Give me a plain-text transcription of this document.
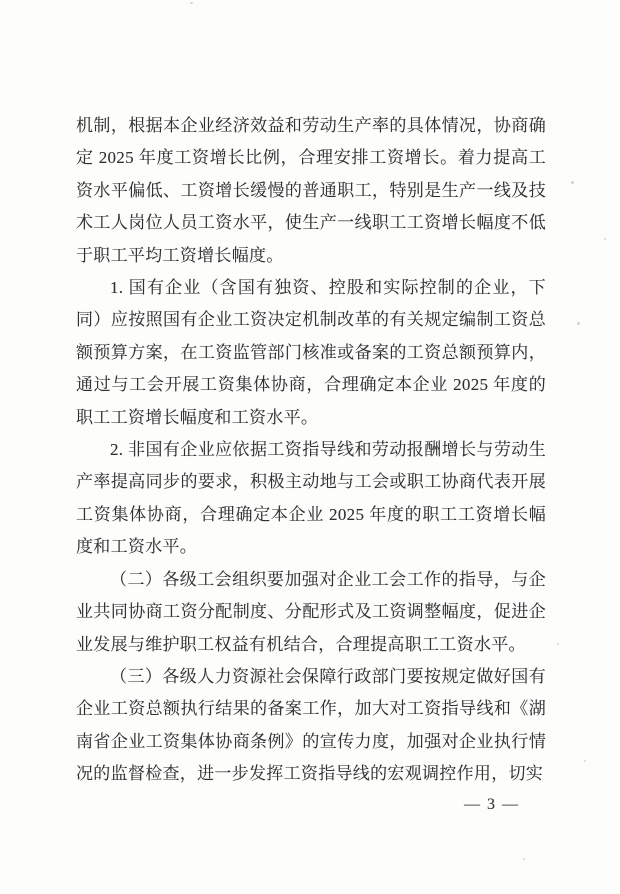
机制，根据本企业经济效益和劳动生产率的具体情况，协商确定 2025 年度工资增长比例，合理安排工资增长。着力提高工资水平偏低、工资增长缓慢的普通职工，特别是生产一线及技术工人岗位人员工资水平，使生产一线职工工资增长幅度不低于职工平均工资增长幅度。

1. 国有企业（含国有独资、控股和实际控制的企业，下同）应按照国有企业工资决定机制改革的有关规定编制工资总额预算方案，在工资监管部门核准或备案的工资总额预算内，通过与工会开展工资集体协商，合理确定本企业 2025 年度的职工工资增长幅度和工资水平。

2. 非国有企业应依据工资指导线和劳动报酬增长与劳动生产率提高同步的要求，积极主动地与工会或职工协商代表开展工资集体协商，合理确定本企业 2025 年度的职工工资增长幅度和工资水平。

（二）各级工会组织要加强对企业工会工作的指导，与企业共同协商工资分配制度、分配形式及工资调整幅度，促进企业发展与维护职工权益有机结合，合理提高职工工资水平。

（三）各级人力资源社会保障行政部门要按规定做好国有企业工资总额执行结果的备案工作，加大对工资指导线和《湖南省企业工资集体协商条例》的宣传力度，加强对企业执行情况的监督检查，进一步发挥工资指导线的宏观调控作用，切实

— 3 —
